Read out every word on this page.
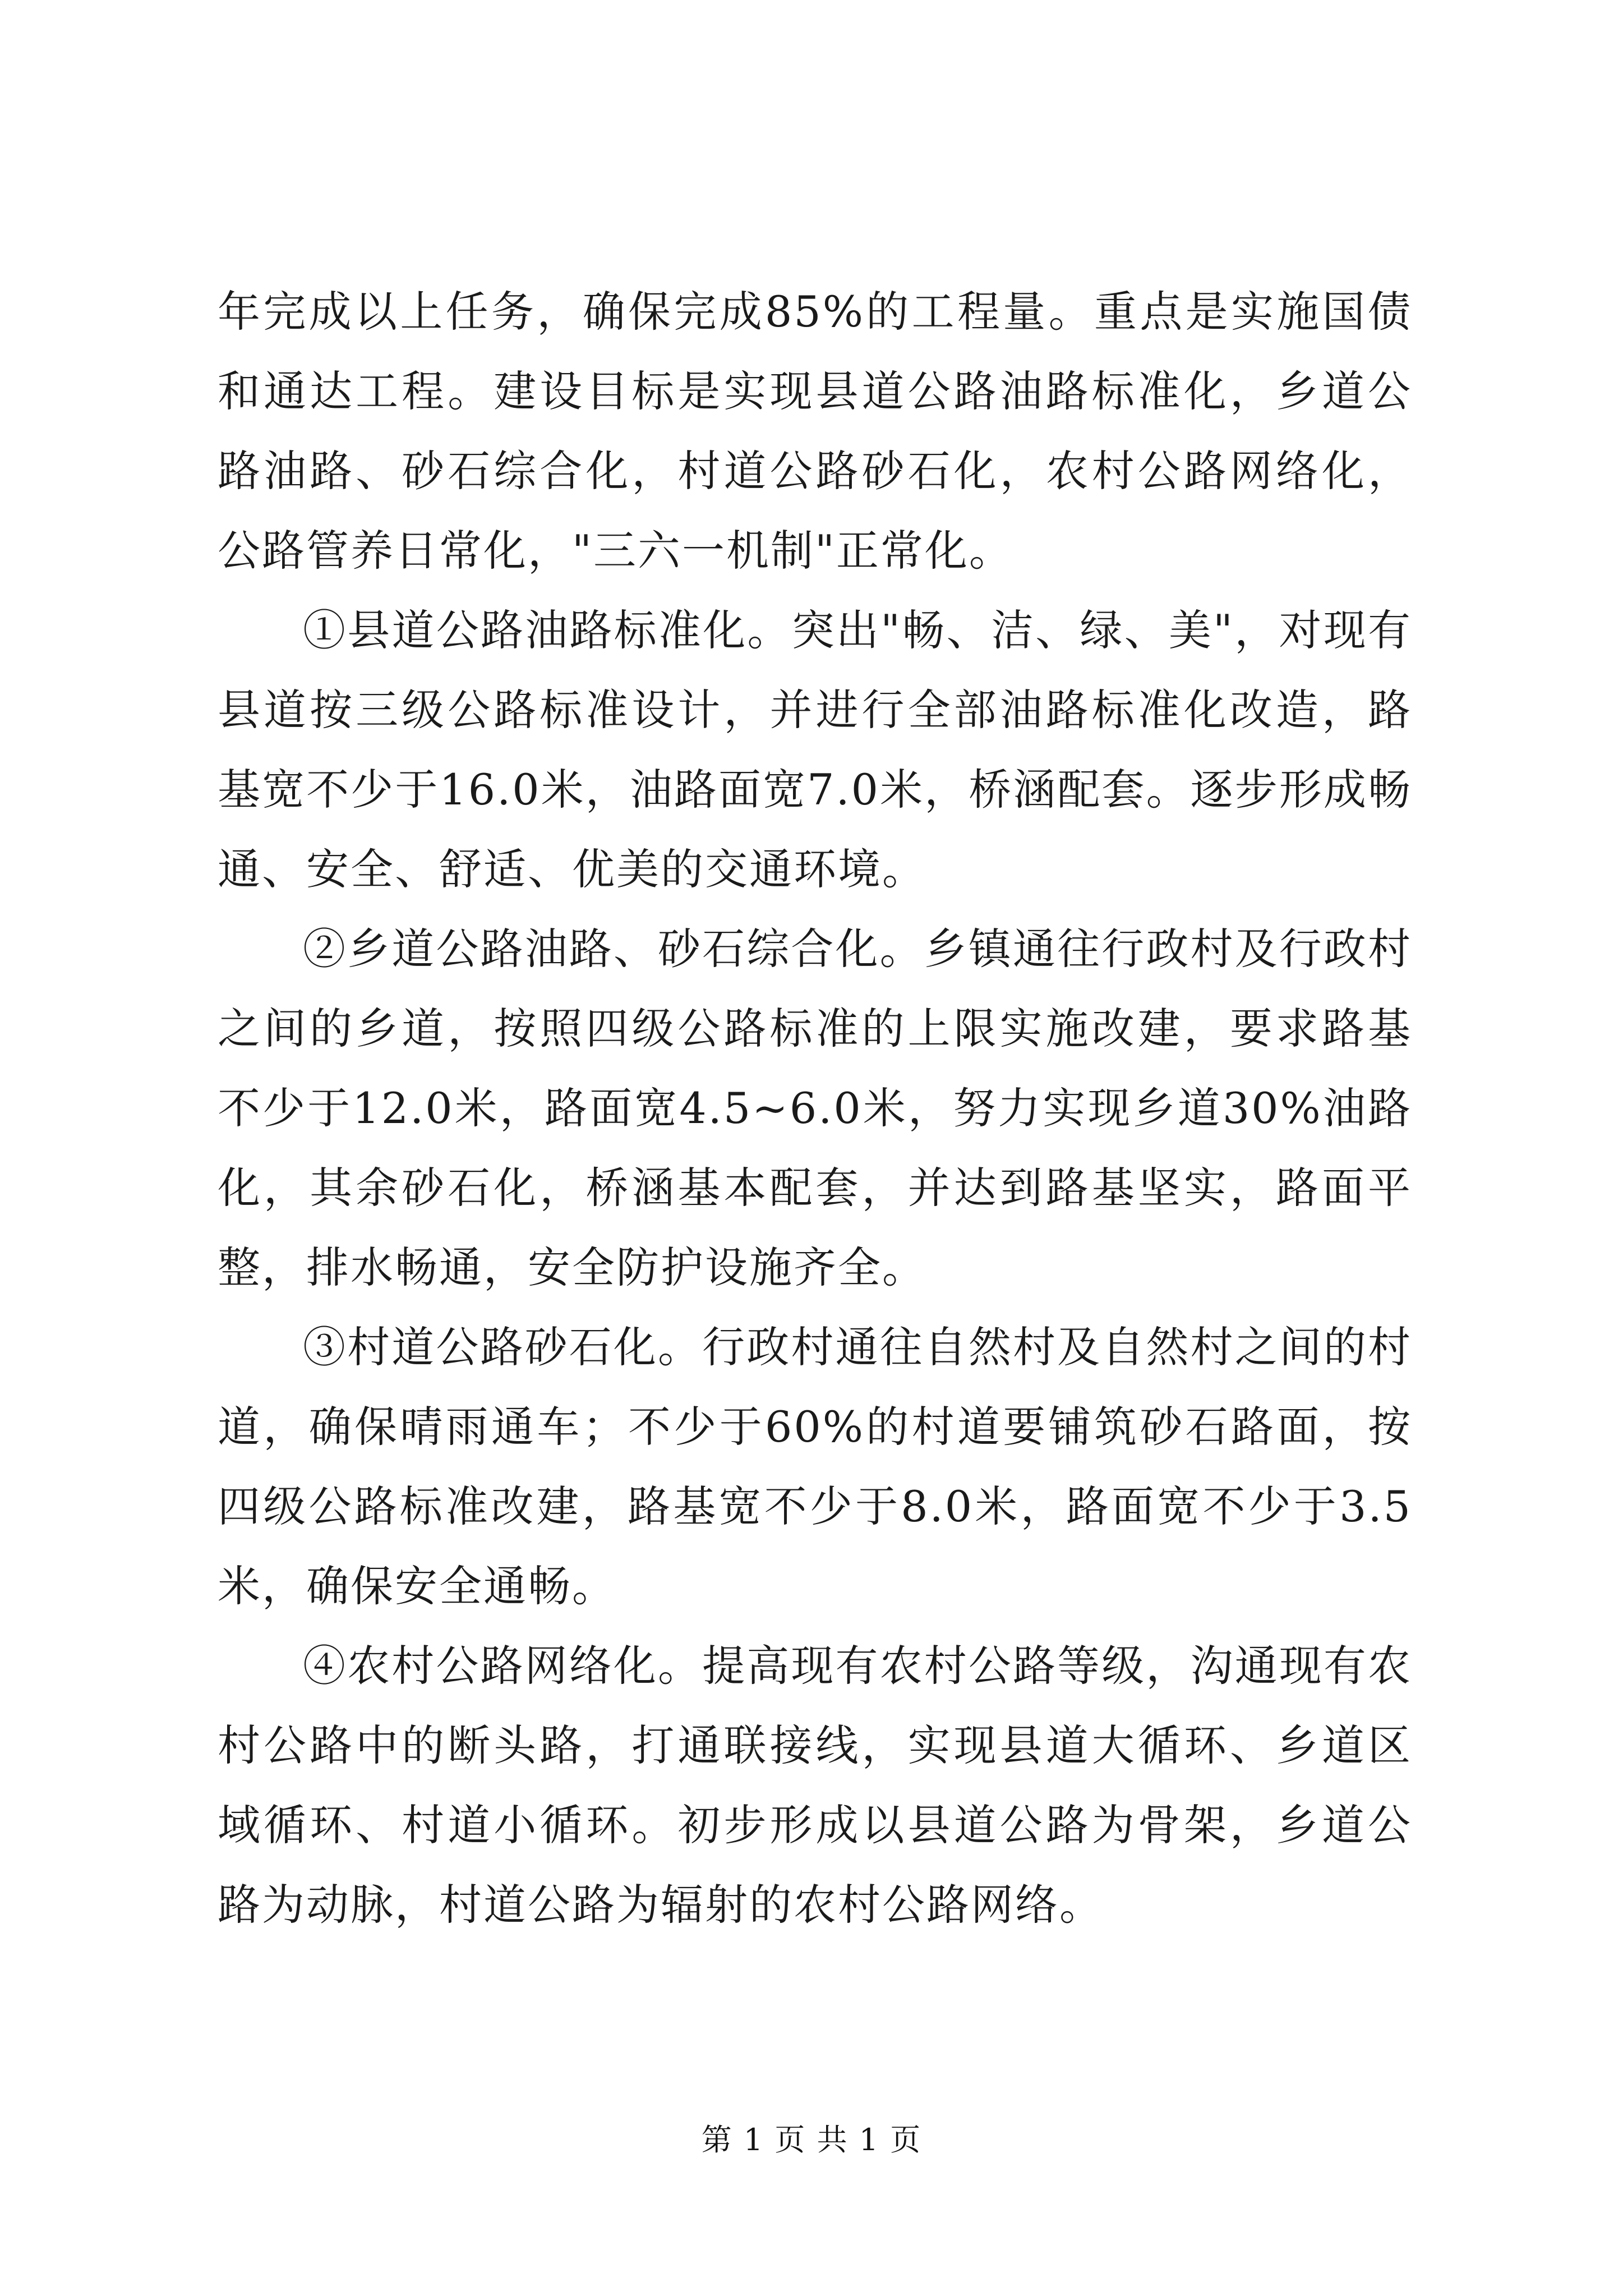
年完成以上任务，确保完成85%的工程量。重点是实施国债和通达工程。建设目标是实现县道公路油路标准化，乡道公路油路、砂石综合化，村道公路砂石化，农村公路网络化，公路管养日常化，"三六一机制"正常化。

①县道公路油路标准化。突出"畅、洁、绿、美"，对现有县道按三级公路标准设计，并进行全部油路标准化改造，路基宽不少于16.0米，油路面宽7.0米，桥涵配套。逐步形成畅通、安全、舒适、优美的交通环境。

②乡道公路油路、砂石综合化。乡镇通往行政村及行政村之间的乡道，按照四级公路标准的上限实施改建，要求路基不少于12.0米，路面宽4.5~6.0米，努力实现乡道30%油路化，其余砂石化，桥涵基本配套，并达到路基坚实，路面平整，排水畅通，安全防护设施齐全。

③村道公路砂石化。行政村通往自然村及自然村之间的村道，确保晴雨通车；不少于60%的村道要铺筑砂石路面，按四级公路标准改建，路基宽不少于8.0米，路面宽不少于3.5米，确保安全通畅。

④农村公路网络化。提高现有农村公路等级，沟通现有农村公路中的断头路，打通联接线，实现县道大循环、乡道区域循环、村道小循环。初步形成以县道公路为骨架，乡道公路为动脉，村道公路为辐射的农村公路网络。

第 1 页 共 1 页
